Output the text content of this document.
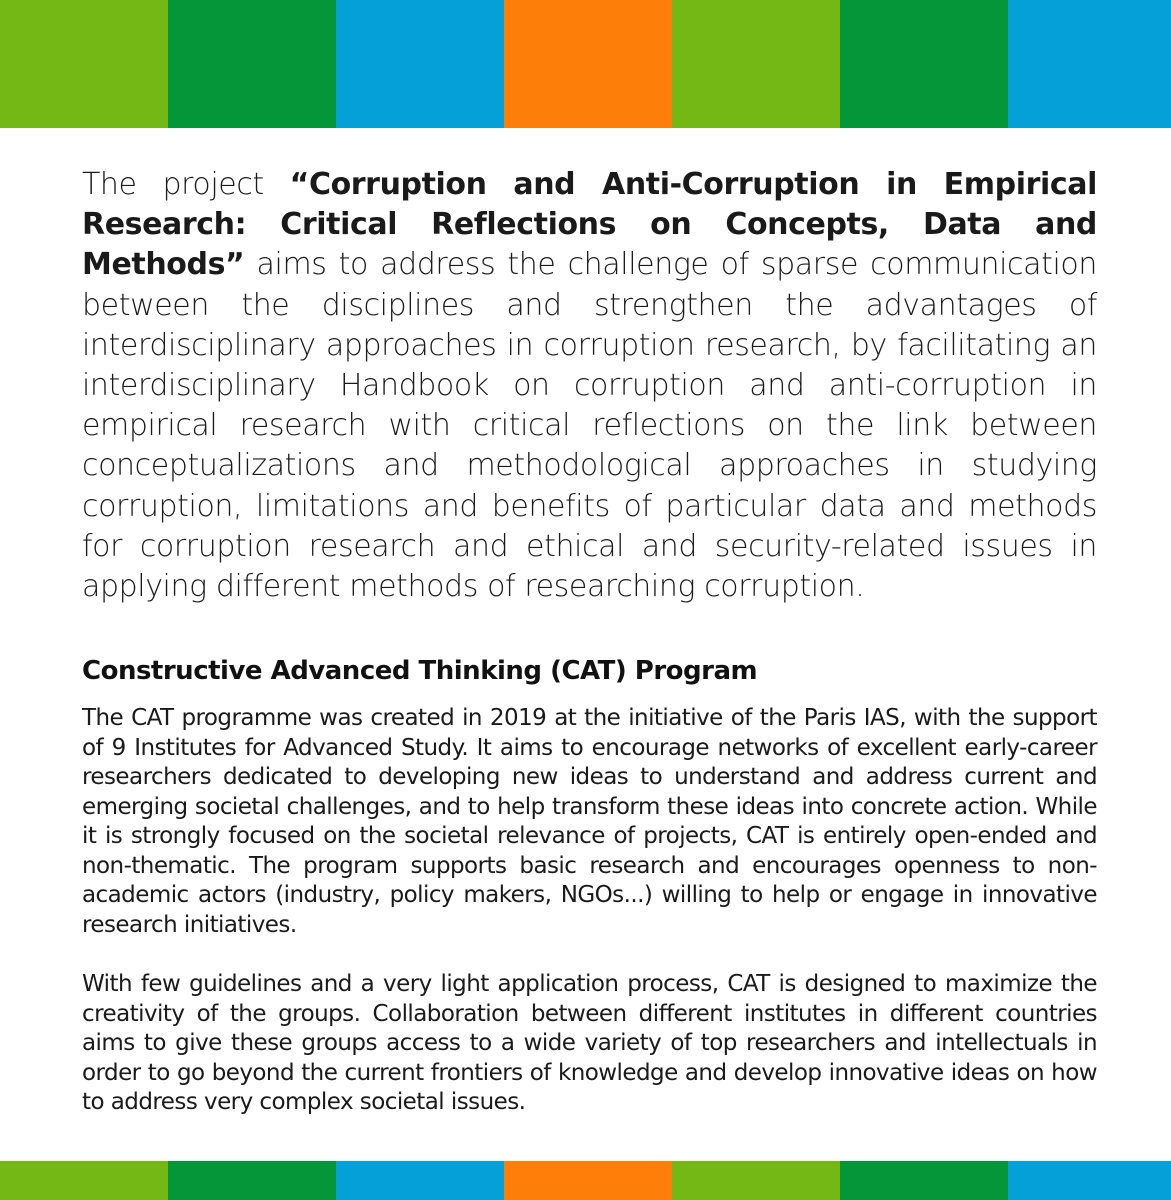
The project “Corruption and Anti-Corruption in Empirical Research: Critical Reflections on Concepts, Data and Methods” aims to address the challenge of sparse communication between the disciplines and strengthen the advantages of interdisciplinary approaches in corruption research, by facilitating an interdisciplinary Handbook on corruption and anti-corruption in empirical research with critical reflections on the link between conceptualizations and methodological approaches in studying corruption, limitations and benefits of particular data and methods for corruption research and ethical and security-related issues in applying different methods of researching corruption.

Constructive Advanced Thinking (CAT) Program

The CAT programme was created in 2019 at the initiative of the Paris IAS, with the support of 9 Institutes for Advanced Study. It aims to encourage networks of excellent early-career researchers dedicated to developing new ideas to understand and address current and emerging societal challenges, and to help transform these ideas into concrete action. While it is strongly focused on the societal relevance of projects, CAT is entirely open-ended and non-thematic. The program supports basic research and encourages openness to non-academic actors (industry, policy makers, NGOs...) willing to help or engage in innovative research initiatives.

With few guidelines and a very light application process, CAT is designed to maximize the creativity of the groups. Collaboration between different institutes in different countries aims to give these groups access to a wide variety of top researchers and intellectuals in order to go beyond the current frontiers of knowledge and develop innovative ideas on how to address very complex societal issues.
